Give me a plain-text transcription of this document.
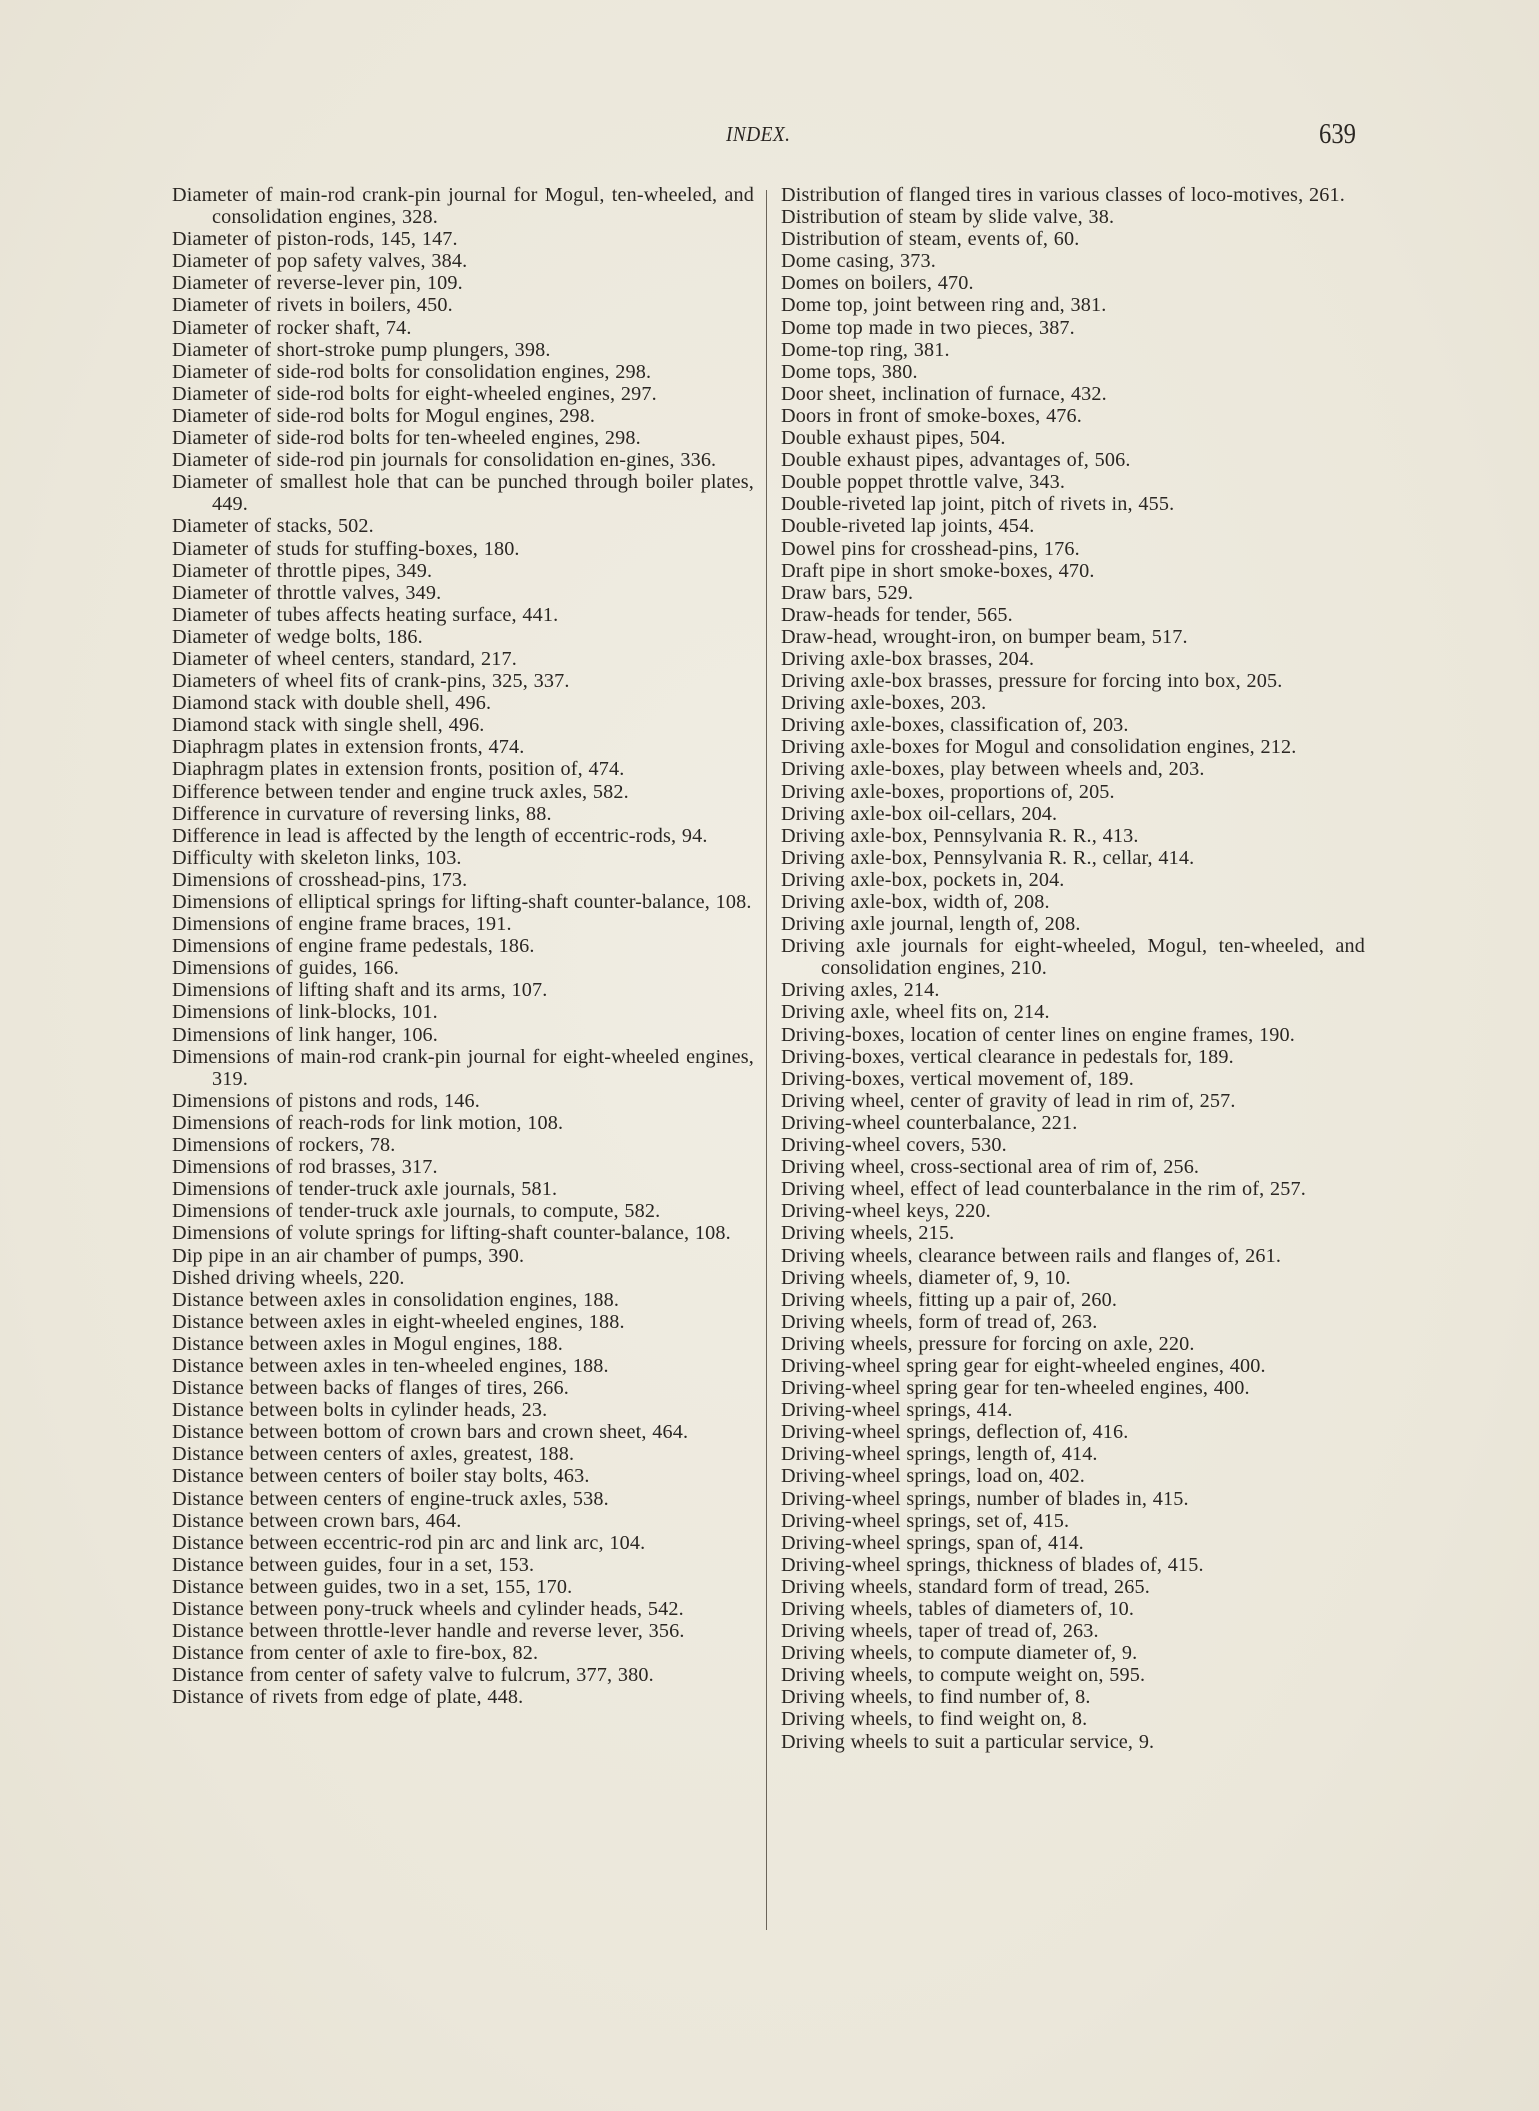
INDEX.	639
Diameter of main-rod crank-pin journal for Mogul, ten-wheeled, and consolidation engines, 328.
Diameter of piston-rods, 145, 147.
Diameter of pop safety valves, 384.
Diameter of reverse-lever pin, 109.
Diameter of rivets in boilers, 450.
Diameter of rocker shaft, 74.
Diameter of short-stroke pump plungers, 398.
Diameter of side-rod bolts for consolidation engines, 298.
Diameter of side-rod bolts for eight-wheeled engines, 297.
Diameter of side-rod bolts for Mogul engines, 298.
Diameter of side-rod bolts for ten-wheeled engines, 298.
Diameter of side-rod pin journals for consolidation en-gines, 336.
Diameter of smallest hole that can be punched through boiler plates, 449.
Diameter of stacks, 502.
Diameter of studs for stuffing-boxes, 180.
Diameter of throttle pipes, 349.
Diameter of throttle valves, 349.
Diameter of tubes affects heating surface, 441.
Diameter of wedge bolts, 186.
Diameter of wheel centers, standard, 217.
Diameters of wheel fits of crank-pins, 325, 337.
Diamond stack with double shell, 496.
Diamond stack with single shell, 496.
Diaphragm plates in extension fronts, 474.
Diaphragm plates in extension fronts, position of, 474.
Difference between tender and engine truck axles, 582.
Difference in curvature of reversing links, 88.
Difference in lead is affected by the length of eccentric-rods, 94.
Difficulty with skeleton links, 103.
Dimensions of crosshead-pins, 173.
Dimensions of elliptical springs for lifting-shaft counter-balance, 108.
Dimensions of engine frame braces, 191.
Dimensions of engine frame pedestals, 186.
Dimensions of guides, 166.
Dimensions of lifting shaft and its arms, 107.
Dimensions of link-blocks, 101.
Dimensions of link hanger, 106.
Dimensions of main-rod crank-pin journal for eight-wheeled engines, 319.
Dimensions of pistons and rods, 146.
Dimensions of reach-rods for link motion, 108.
Dimensions of rockers, 78.
Dimensions of rod brasses, 317.
Dimensions of tender-truck axle journals, 581.
Dimensions of tender-truck axle journals, to compute, 582.
Dimensions of volute springs for lifting-shaft counter-balance, 108.
Dip pipe in an air chamber of pumps, 390.
Dished driving wheels, 220.
Distance between axles in consolidation engines, 188.
Distance between axles in eight-wheeled engines, 188.
Distance between axles in Mogul engines, 188.
Distance between axles in ten-wheeled engines, 188.
Distance between backs of flanges of tires, 266.
Distance between bolts in cylinder heads, 23.
Distance between bottom of crown bars and crown sheet, 464.
Distance between centers of axles, greatest, 188.
Distance between centers of boiler stay bolts, 463.
Distance between centers of engine-truck axles, 538.
Distance between crown bars, 464.
Distance between eccentric-rod pin arc and link arc, 104.
Distance between guides, four in a set, 153.
Distance between guides, two in a set, 155, 170.
Distance between pony-truck wheels and cylinder heads, 542.
Distance between throttle-lever handle and reverse lever, 356.
Distance from center of axle to fire-box, 82.
Distance from center of safety valve to fulcrum, 377, 380.
Distance of rivets from edge of plate, 448.
Distribution of flanged tires in various classes of loco-motives, 261.
Distribution of steam by slide valve, 38.
Distribution of steam, events of, 60.
Dome casing, 373.
Domes on boilers, 470.
Dome top, joint between ring and, 381.
Dome top made in two pieces, 387.
Dome-top ring, 381.
Dome tops, 380.
Door sheet, inclination of furnace, 432.
Doors in front of smoke-boxes, 476.
Double exhaust pipes, 504.
Double exhaust pipes, advantages of, 506.
Double poppet throttle valve, 343.
Double-riveted lap joint, pitch of rivets in, 455.
Double-riveted lap joints, 454.
Dowel pins for crosshead-pins, 176.
Draft pipe in short smoke-boxes, 470.
Draw bars, 529.
Draw-heads for tender, 565.
Draw-head, wrought-iron, on bumper beam, 517.
Driving axle-box brasses, 204.
Driving axle-box brasses, pressure for forcing into box, 205.
Driving axle-boxes, 203.
Driving axle-boxes, classification of, 203.
Driving axle-boxes for Mogul and consolidation engines, 212.
Driving axle-boxes, play between wheels and, 203.
Driving axle-boxes, proportions of, 205.
Driving axle-box oil-cellars, 204.
Driving axle-box, Pennsylvania R. R., 413.
Driving axle-box, Pennsylvania R. R., cellar, 414.
Driving axle-box, pockets in, 204.
Driving axle-box, width of, 208.
Driving axle journal, length of, 208.
Driving axle journals for eight-wheeled, Mogul, ten-wheeled, and consolidation engines, 210.
Driving axles, 214.
Driving axle, wheel fits on, 214.
Driving-boxes, location of center lines on engine frames, 190.
Driving-boxes, vertical clearance in pedestals for, 189.
Driving-boxes, vertical movement of, 189.
Driving wheel, center of gravity of lead in rim of, 257.
Driving-wheel counterbalance, 221.
Driving-wheel covers, 530.
Driving wheel, cross-sectional area of rim of, 256.
Driving wheel, effect of lead counterbalance in the rim of, 257.
Driving-wheel keys, 220.
Driving wheels, 215.
Driving wheels, clearance between rails and flanges of, 261.
Driving wheels, diameter of, 9, 10.
Driving wheels, fitting up a pair of, 260.
Driving wheels, form of tread of, 263.
Driving wheels, pressure for forcing on axle, 220.
Driving-wheel spring gear for eight-wheeled engines, 400.
Driving-wheel spring gear for ten-wheeled engines, 400.
Driving-wheel springs, 414.
Driving-wheel springs, deflection of, 416.
Driving-wheel springs, length of, 414.
Driving-wheel springs, load on, 402.
Driving-wheel springs, number of blades in, 415.
Driving-wheel springs, set of, 415.
Driving-wheel springs, span of, 414.
Driving-wheel springs, thickness of blades of, 415.
Driving wheels, standard form of tread, 265.
Driving wheels, tables of diameters of, 10.
Driving wheels, taper of tread of, 263.
Driving wheels, to compute diameter of, 9.
Driving wheels, to compute weight on, 595.
Driving wheels, to find number of, 8.
Driving wheels, to find weight on, 8.
Driving wheels to suit a particular service, 9.
